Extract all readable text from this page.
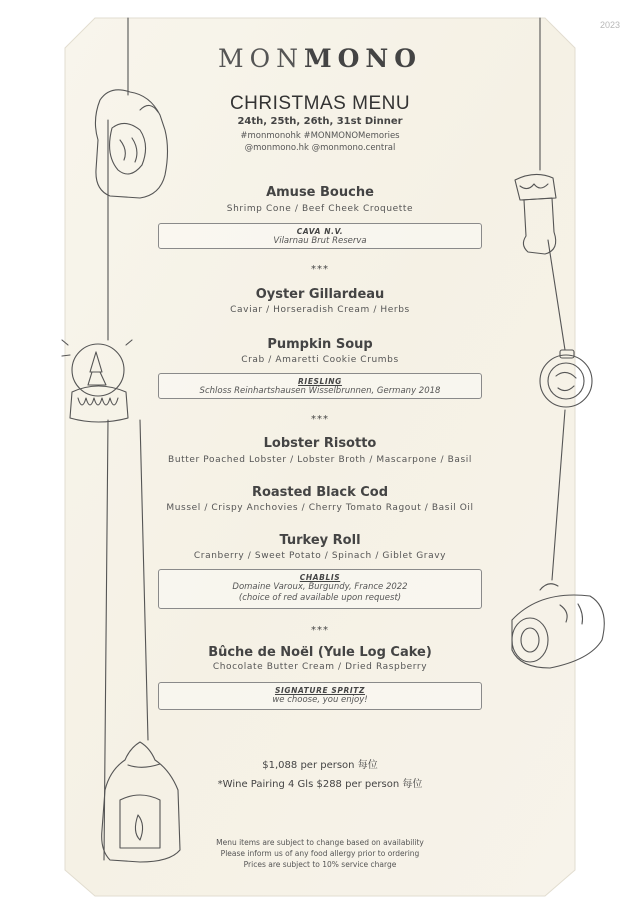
2023
MONMONO
CHRISTMAS MENU
24th, 25th, 26th, 31st Dinner
#monmonohk #MONMONOMemories
@monmono.hk @monmono.central
Amuse Bouche
Shrimp Cone / Beef Cheek Croquette
CAVA N.V.
Vilarnau Brut Reserva
***
Oyster Gillardeau
Caviar / Horseradish Cream / Herbs
Pumpkin Soup
Crab / Amaretti Cookie Crumbs
RIESLING
Schloss Reinhartshausen Wisselbrunnen, Germany 2018
***
Lobster Risotto
Butter Poached Lobster / Lobster Broth / Mascarpone / Basil
Roasted Black Cod
Mussel / Crispy Anchovies / Cherry Tomato Ragout / Basil Oil
Turkey Roll
Cranberry / Sweet Potato / Spinach / Giblet Gravy
CHABLIS
Domaine Varoux, Burgundy, France 2022
(choice of red available upon request)
***
Bûche de Noël (Yule Log Cake)
Chocolate Butter Cream / Dried Raspberry
SIGNATURE SPRITZ
we choose, you enjoy!
$1,088 per person 每位
*Wine Pairing 4 Gls $288 per person 每位
Menu items are subject to change based on availability
Please inform us of any food allergy prior to ordering
Prices are subject to 10% service charge
